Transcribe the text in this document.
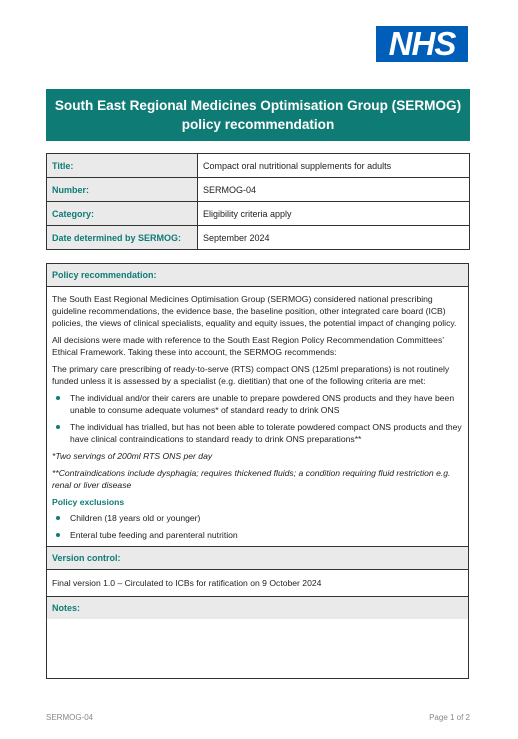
NHS
South East Regional Medicines Optimisation Group (SERMOG)
policy recommendation
Title:	Compact oral nutritional supplements for adults
Number:	SERMOG-04
Category:	Eligibility criteria apply
Date determined by SERMOG:	September 2024
Policy recommendation:

The South East Regional Medicines Optimisation Group (SERMOG) considered national prescribing guideline recommendations, the evidence base, the baseline position, other integrated care board (ICB) policies, the views of clinical specialists, equality and equity issues, the potential impact of changing policy.

All decisions were made with reference to the South East Region Policy Recommendation Committees’ Ethical Framework. Taking these into account, the SERMOG recommends:

The primary care prescribing of ready-to-serve (RTS) compact ONS (125ml preparations) is not routinely funded unless it is assessed by a specialist (e.g. dietitian) that one of the following criteria are met:

The individual and/or their carers are unable to prepare powdered ONS products and they have been unable to consume adequate volumes* of standard ready to drink ONS
The individual has trialled, but has not been able to tolerate powdered compact ONS products and they have clinical contraindications to standard ready to drink ONS preparations**

*Two servings of 200ml RTS ONS per day

**Contraindications include dysphagia; requires thickened fluids; a condition requiring fluid restriction e.g. renal or liver disease

Policy exclusions
Children (18 years old or younger)
Enteral tube feeding and parenteral nutrition
Version control:
Final version 1.0 – Circulated to ICBs for ratification on 9 October 2024
Notes:
SERMOG-04	Page 1 of 2
